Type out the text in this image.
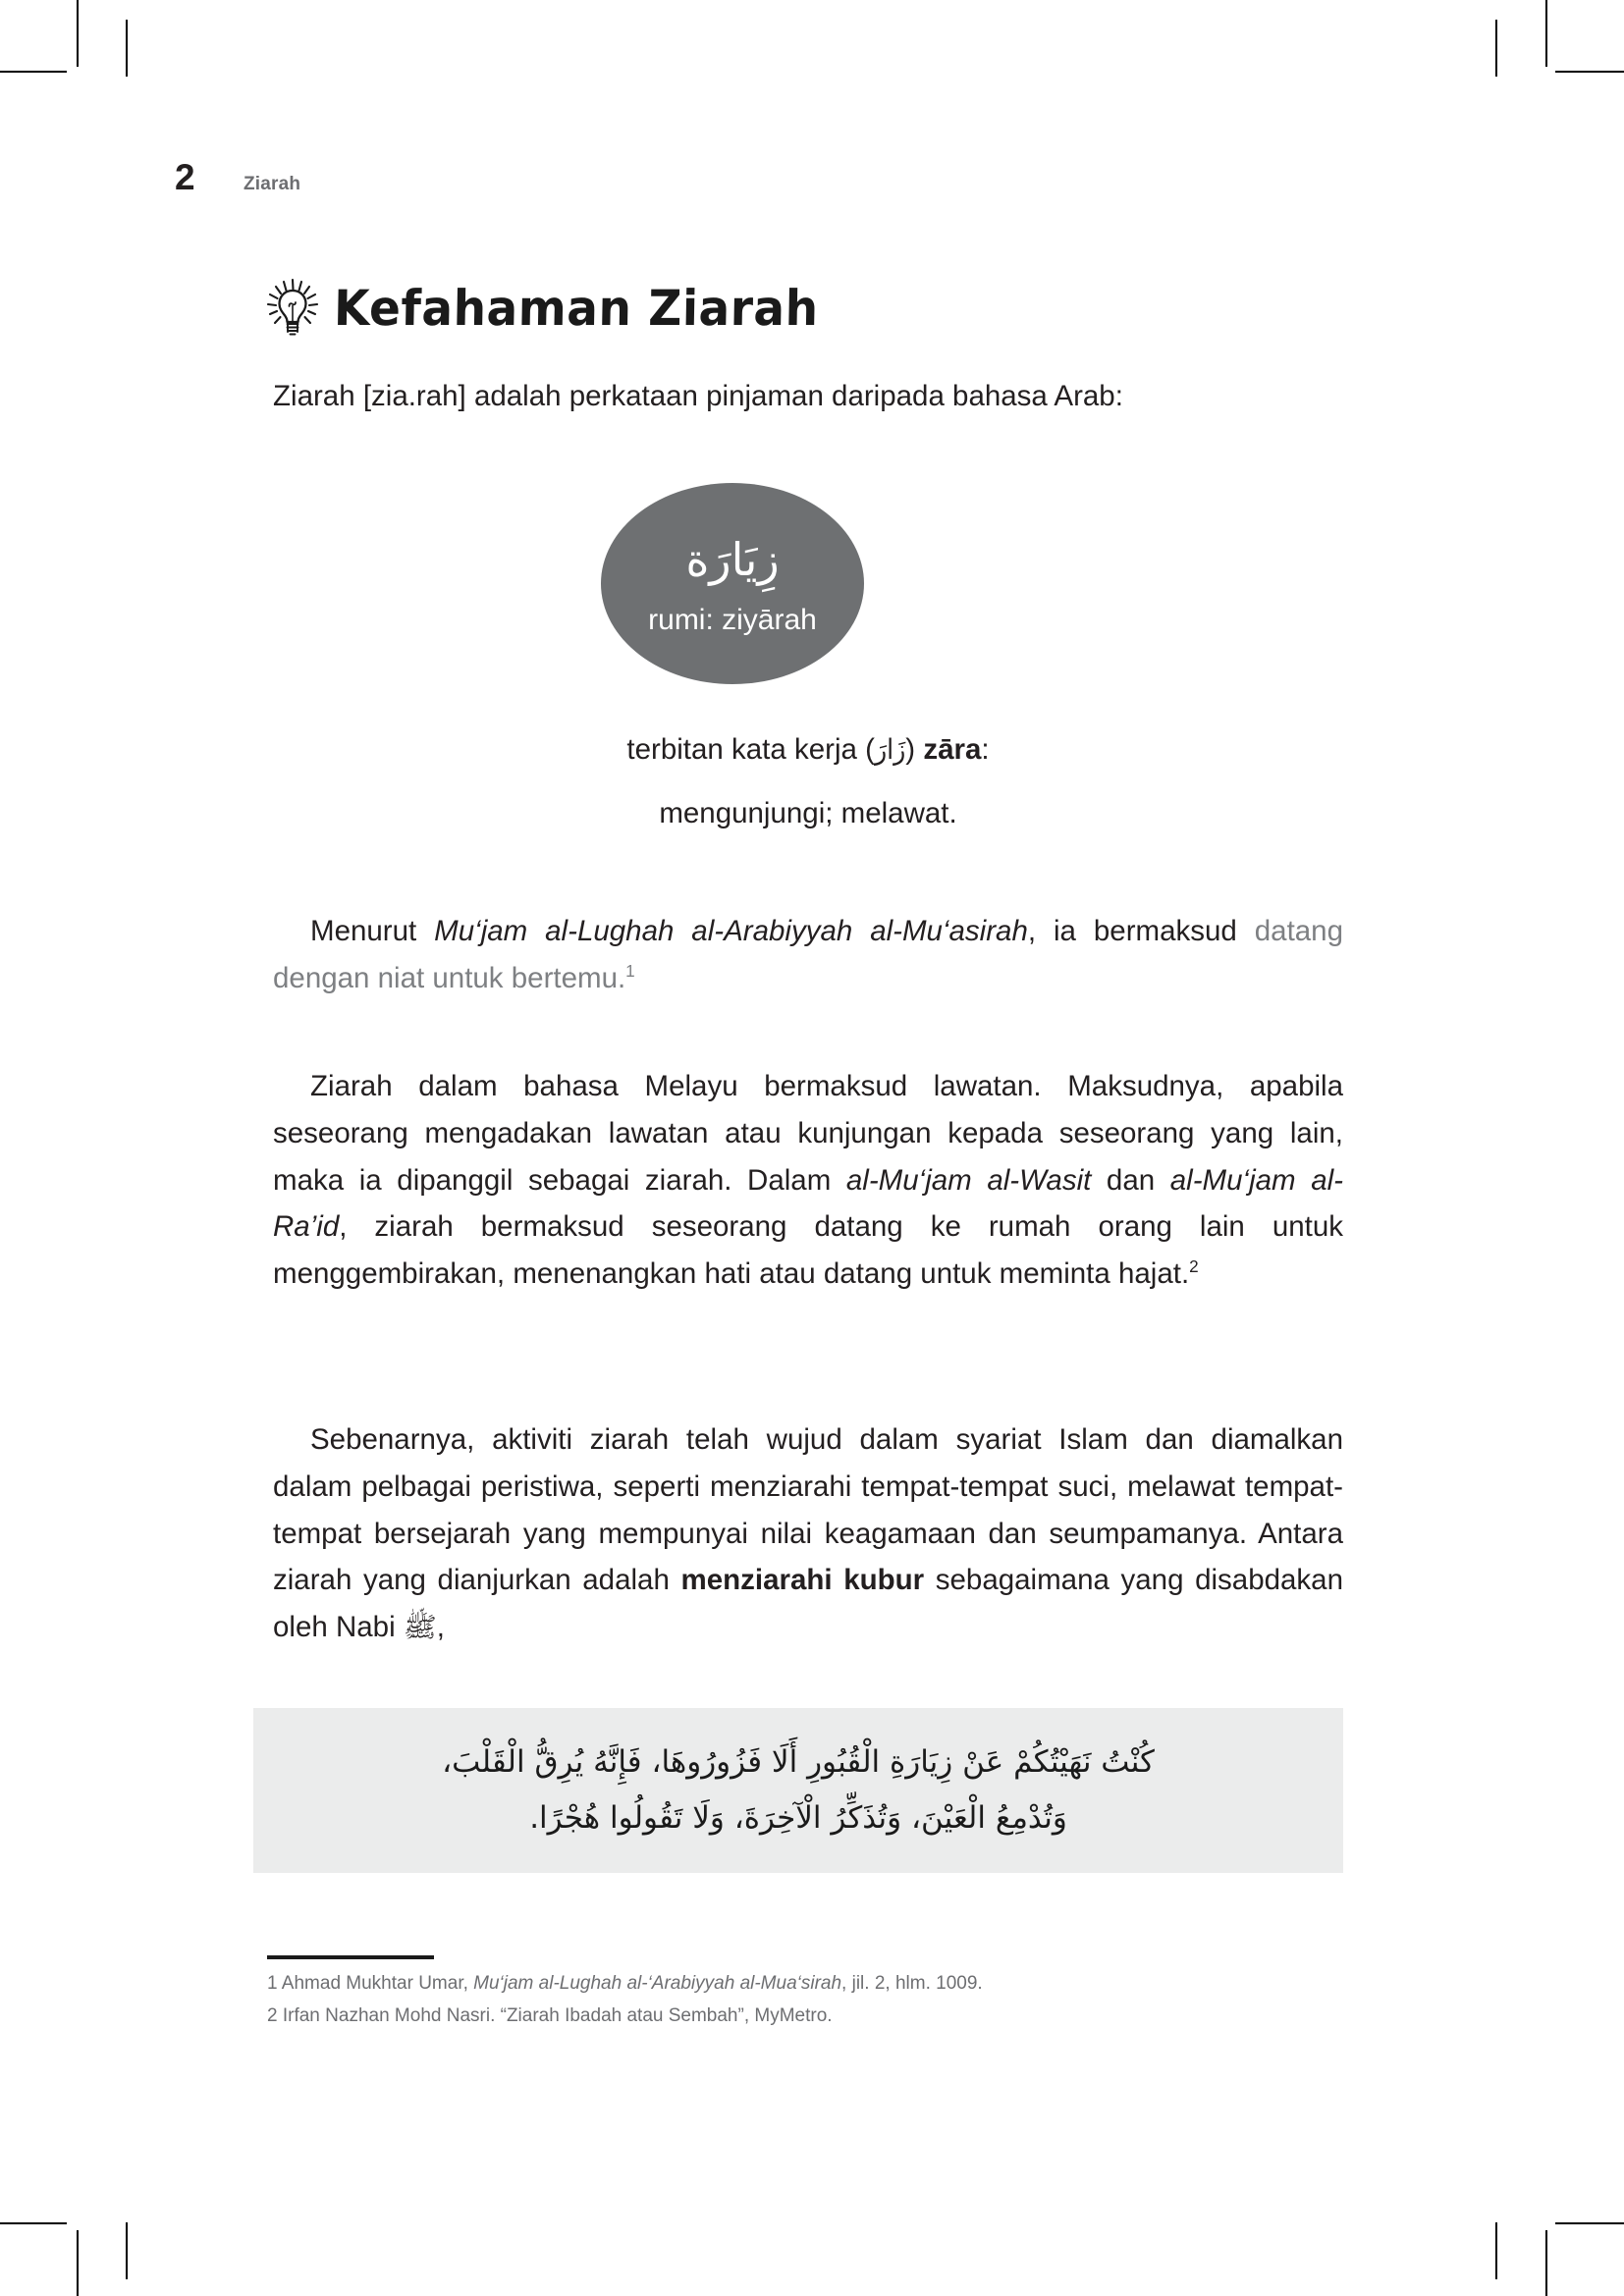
2	Ziarah
Kefahaman Ziarah
Ziarah [zia.rah] adalah perkataan pinjaman daripada bahasa Arab:
زِيَارَة
rumi: ziyārah
terbitan kata kerja (زَارَ) zāra:
mengunjungi; melawat.
Menurut Mu‘jam al-Lughah al-Arabiyyah al-Mu‘asirah, ia bermaksud datang dengan niat untuk bertemu.$^1$
Ziarah dalam bahasa Melayu bermaksud lawatan. Maksudnya, apabila seseorang mengadakan lawatan atau kunjungan kepada seseorang yang lain, maka ia dipanggil sebagai ziarah. Dalam al-Mu‘jam al-Wasit dan al-Mu‘jam al-Ra’id, ziarah bermaksud seseorang datang ke rumah orang lain untuk menggembirakan, menenangkan hati atau datang untuk meminta hajat.$^2$
Sebenarnya, aktiviti ziarah telah wujud dalam syariat Islam dan diamalkan dalam pelbagai peristiwa, seperti menziarahi tempat-tempat suci, melawat tempat-tempat bersejarah yang mempunyai nilai keagamaan dan seumpamanya. Antara ziarah yang dianjurkan adalah menziarahi kubur sebagaimana yang disabdakan oleh Nabi ﷺ,
كُنْتُ نَهَيْتُكُمْ عَنْ زِيَارَةِ الْقُبُورِ أَلَا فَزُورُوهَا، فَإِنَّهُ يُرِقُّ الْقَلْبَ،
وَتُدْمِعُ الْعَيْنَ، وَتُذَكِّرُ الْآخِرَةَ، وَلَا تَقُولُوا هُجْرًا.
1 Ahmad Mukhtar Umar, Mu‘jam al-Lughah al-‘Arabiyyah al-Mua‘sirah, jil. 2, hlm. 1009.
2 Irfan Nazhan Mohd Nasri. “Ziarah Ibadah atau Sembah”, MyMetro.
